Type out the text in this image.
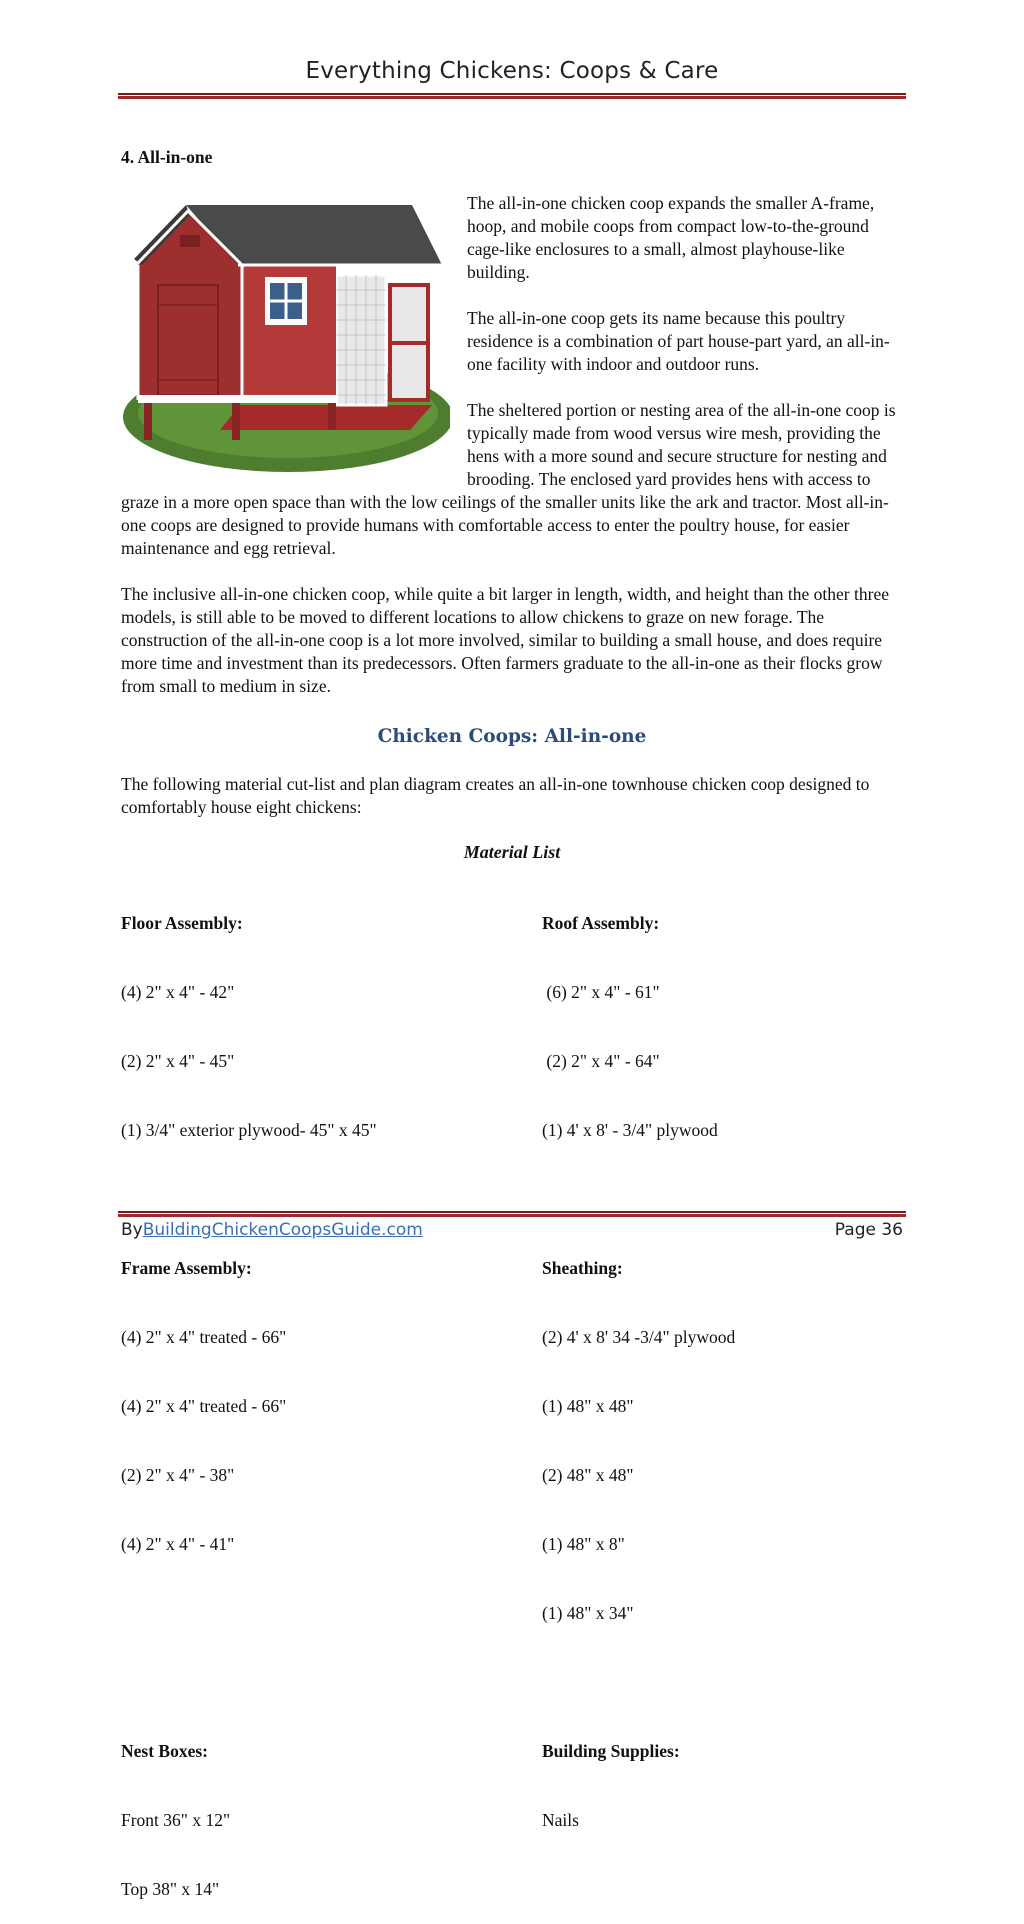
Everything Chickens: Coops & Care
4. All-in-one

The all-in-one chicken coop expands the smaller A-frame, hoop, and mobile coops from compact low-to-the-ground cage-like enclosures to a small, almost playhouse-like building.

The all-in-one coop gets its name because this poultry residence is a combination of part house-part yard, an all-in-one facility with indoor and outdoor runs.

The sheltered portion or nesting area of the all-in-one coop is typically made from wood versus wire mesh, providing the hens with a more sound and secure structure for nesting and brooding. The enclosed yard provides hens with access to graze in a more open space than with the low ceilings of the smaller units like the ark and tractor. Most all-in-one coops are designed to provide humans with comfortable access to enter the poultry house, for easier maintenance and egg retrieval.

The inclusive all-in-one chicken coop, while quite a bit larger in length, width, and height than the other three models, is still able to be moved to different locations to allow chickens to graze on new forage. The construction of the all-in-one coop is a lot more involved, similar to building a small house, and does require more time and investment than its predecessors. Often farmers graduate to the all-in-one as their flocks grow from small to medium in size.

Chicken Coops: All-in-one
The following material cut-list and plan diagram creates an all-in-one townhouse chicken coop designed to comfortably house eight chickens:
Material List

Floor Assembly:

(4) 2" x 4" - 42"

(2) 2" x 4" - 45"

(1) 3/4" exterior plywood- 45" x 45"

Frame Assembly:

(4) 2" x 4" treated - 66"

(4) 2" x 4" treated - 66"

(2) 2" x 4" - 38"

(4) 2" x 4" - 41"

Nest Boxes:

Front 36" x 12"

Top 38" x 14"

Roof Assembly:

(6) 2" x 4" - 61"

(2) 2" x 4" - 64"

(1) 4' x 8' - 3/4" plywood

Sheathing:

(2) 4' x 8' 34 -3/4" plywood

(1) 48" x 48"

(2) 48" x 48"

(1) 48" x 8"

(1) 48" x 34"

Building Supplies:

Nails

ByBuildingChickenCoopsGuide.com	Page 36
